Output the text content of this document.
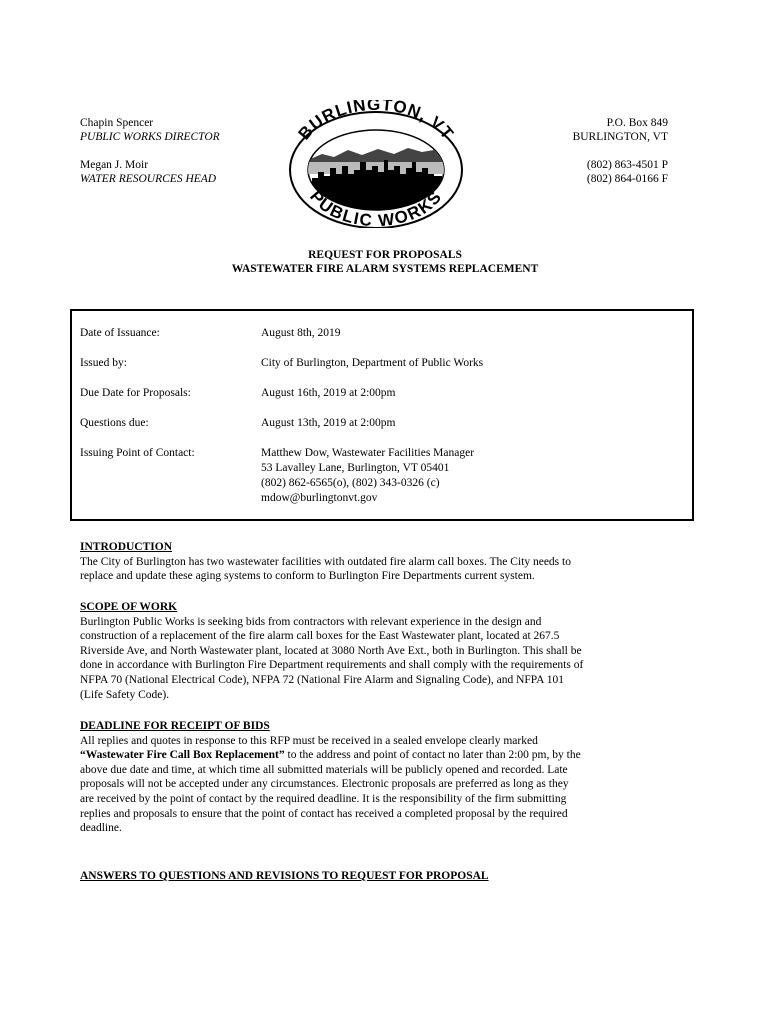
Chapin Spencer
PUBLIC WORKS DIRECTOR
Megan J. Moir
WATER RESOURCES HEAD
P.O. Box 849
BURLINGTON, VT
(802) 863-4501 P
(802) 864-0166 F
BURLINGTON, VT
PUBLIC WORKS
REQUEST FOR PROPOSALS
WASTEWATER FIRE ALARM SYSTEMS REPLACEMENT
Date of Issuance:	August 8th, 2019
Issued by:	City of Burlington, Department of Public Works
Due Date for Proposals:	August 16th, 2019 at 2:00pm
Questions due:	August 13th, 2019 at 2:00pm
Issuing Point of Contact:	Matthew Dow, Wastewater Facilities Manager
53 Lavalley Lane, Burlington, VT 05401
(802) 862-6565(o), (802) 343-0326 (c)
mdow@burlingtonvt.gov

INTRODUCTION

The City of Burlington has two wastewater facilities with outdated fire alarm call boxes. The City needs to

replace and update these aging systems to conform to Burlington Fire Departments current system.

SCOPE OF WORK

Burlington Public Works is seeking bids from contractors with relevant experience in the design and

construction of a replacement of the fire alarm call boxes for the East Wastewater plant, located at 267.5

Riverside Ave, and North Wastewater plant, located at 3080 North Ave Ext., both in Burlington. This shall be

done in accordance with Burlington Fire Department requirements and shall comply with the requirements of

NFPA 70 (National Electrical Code), NFPA 72 (National Fire Alarm and Signaling Code), and NFPA 101

(Life Safety Code).

DEADLINE FOR RECEIPT OF BIDS

All replies and quotes in response to this RFP must be received in a sealed envelope clearly marked

“Wastewater Fire Call Box Replacement” to the address and point of contact no later than 2:00 pm, by the

above due date and time, at which time all submitted materials will be publicly opened and recorded. Late

proposals will not be accepted under any circumstances. Electronic proposals are preferred as long as they

are received by the point of contact by the required deadline. It is the responsibility of the firm submitting

replies and proposals to ensure that the point of contact has received a completed proposal by the required

deadline.

ANSWERS TO QUESTIONS AND REVISIONS TO REQUEST FOR PROPOSAL
